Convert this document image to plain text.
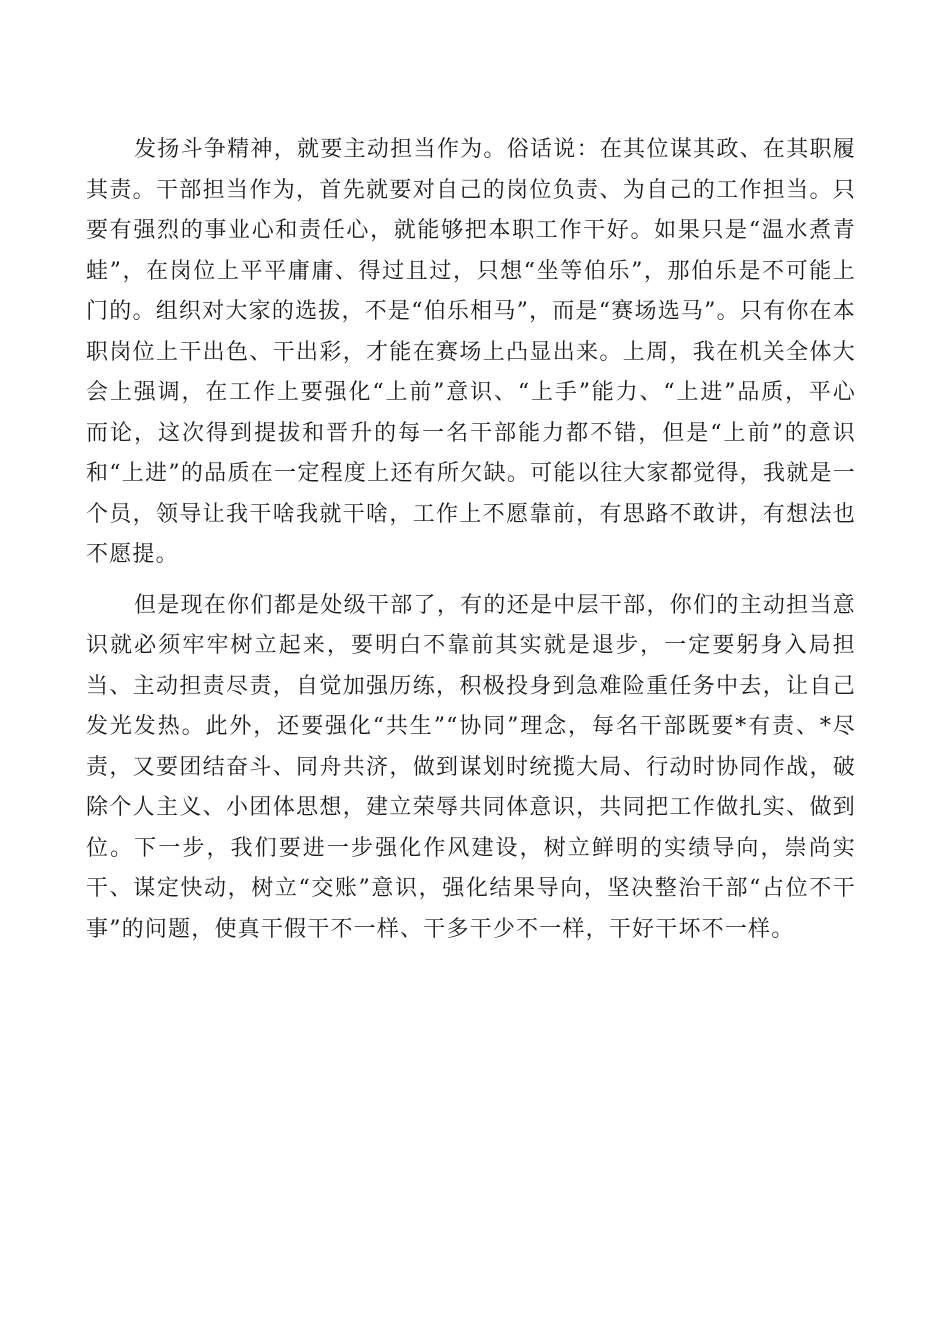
发扬斗争精神，就要主动担当作为。俗话说：在其位谋其政、在其职履其责。干部担当作为，首先就要对自己的岗位负责、为自己的工作担当。只要有强烈的事业心和责任心，就能够把本职工作干好。如果只是“温水煮青蛙”，在岗位上平平庸庸、得过且过，只想“坐等伯乐”，那伯乐是不可能上门的。组织对大家的选拔，不是“伯乐相马”，而是“赛场选马”。只有你在本职岗位上干出色、干出彩，才能在赛场上凸显出来。上周，我在机关全体大会上强调，在工作上要强化“上前”意识、“上手”能力、“上进”品质，平心而论，这次得到提拔和晋升的每一名干部能力都不错，但是“上前”的意识和“上进”的品质在一定程度上还有所欠缺。可能以往大家都觉得，我就是一个员，领导让我干啥我就干啥，工作上不愿靠前，有思路不敢讲，有想法也不愿提。

但是现在你们都是处级干部了，有的还是中层干部，你们的主动担当意识就必须牢牢树立起来，要明白不靠前其实就是退步，一定要躬身入局担当、主动担责尽责，自觉加强历练，积极投身到急难险重任务中去，让自己发光发热。此外，还要强化“共生”“协同”理念，每名干部既要*有责、*尽责，又要团结奋斗、同舟共济，做到谋划时统揽大局、行动时协同作战，破除个人主义、小团体思想，建立荣辱共同体意识，共同把工作做扎实、做到位。下一步，我们要进一步强化作风建设，树立鲜明的实绩导向，崇尚实干、谋定快动，树立“交账”意识，强化结果导向，坚决整治干部“占位不干事”的问题，使真干假干不一样、干多干少不一样，干好干坏不一样。
